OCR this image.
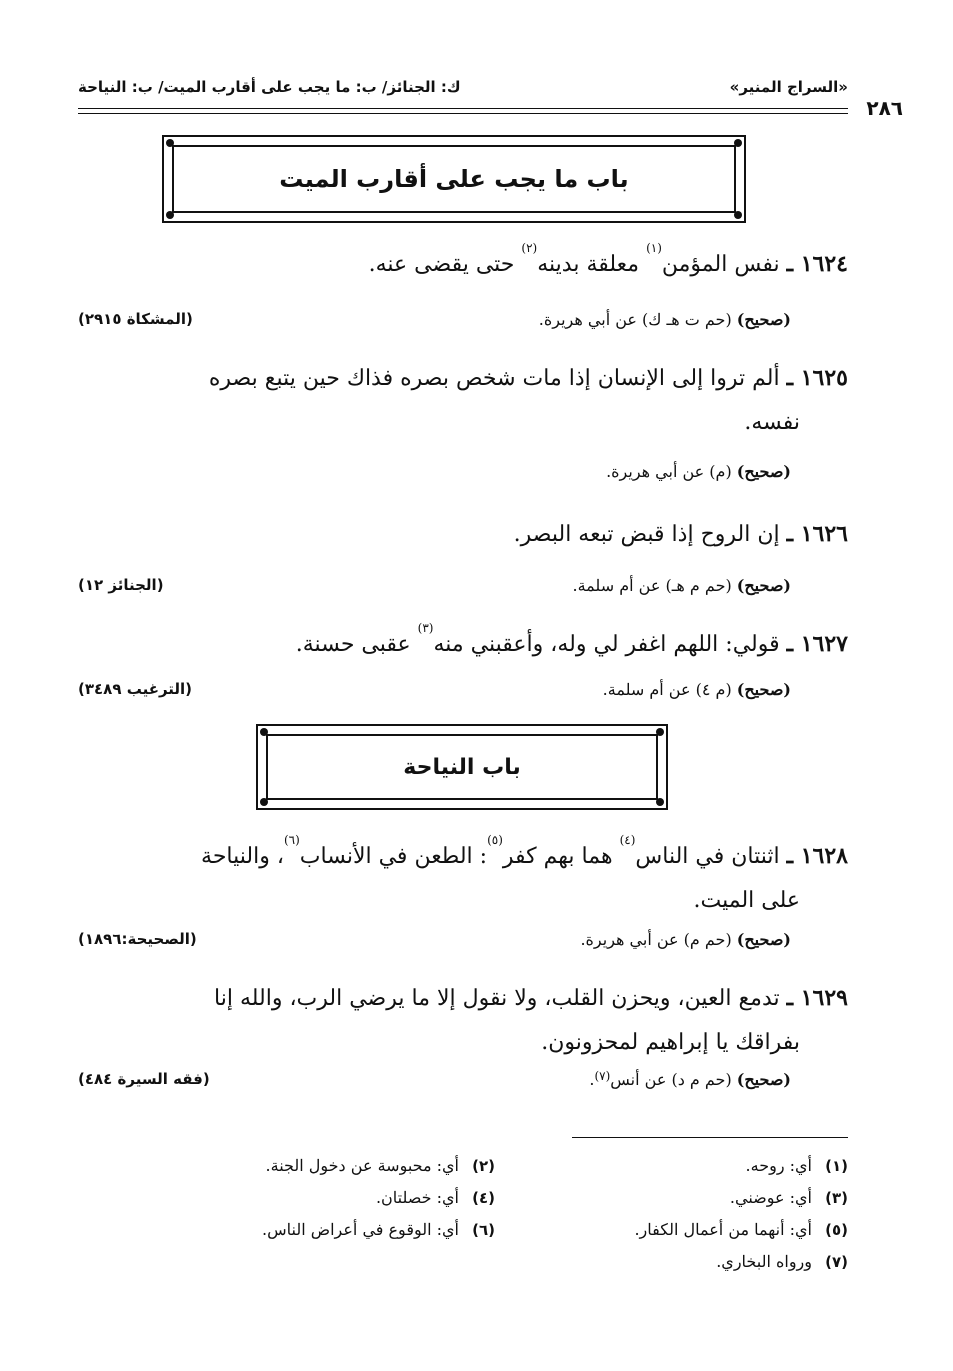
«السراج المنير»
ك: الجنائز/ ب: ما يجب على أقارب الميت/ ب: النياحة
٢٨٦
باب ما يجب على أقارب الميت
١٦٢٤ ـ نفس المؤمن$^{(١)}$ معلقة بدينه$^{(٢)}$ حتى يقضى عنه.
(صحيح) (حم ت هـ ك) عن أبي هريرة.
(المشكاة ٢٩١٥)
١٦٢٥ ـ ألم تروا إلى الإنسان إذا مات شخص بصره فذاك حين يتبع بصره
نفسه.
(صحيح) (م) عن أبي هريرة.
١٦٢٦ ـ إن الروح إذا قبض تبعه البصر.
(صحيح) (حم م هـ) عن أم سلمة.
(الجنائز ١٢)
١٦٢٧ ـ قولي: اللهم اغفر لي وله، وأعقبني منه$^{(٣)}$ عقبى حسنة.
(صحيح) (م ٤) عن أم سلمة.
(الترغيب ٣٤٨٩)
باب النياحة
١٦٢٨ ـ اثنتان في الناس$^{(٤)}$ هما بهم كفر$^{(٥)}$: الطعن في الأنساب$^{(٦)}$، والنياحة
على الميت.
(صحيح) (حم م) عن أبي هريرة.
(الصحيحة:١٨٩٦)
١٦٢٩ ـ تدمع العين، ويحزن القلب، ولا نقول إلا ما يرضي الرب، والله إنا
بفراقك يا إبراهيم لمحزونون.
(صحيح) (حم م د) عن أنس$^{(٧)}$.
(فقه السيرة ٤٨٤)
(١)أي: روحه.
(٢)أي: محبوسة عن دخول الجنة.
(٣)أي: عوضني.
(٤)أي: خصلتان.
(٥)أي: أنهما من أعمال الكفار.
(٦)أي: الوقوع في أعراض الناس.
(٧)ورواه البخاري.
